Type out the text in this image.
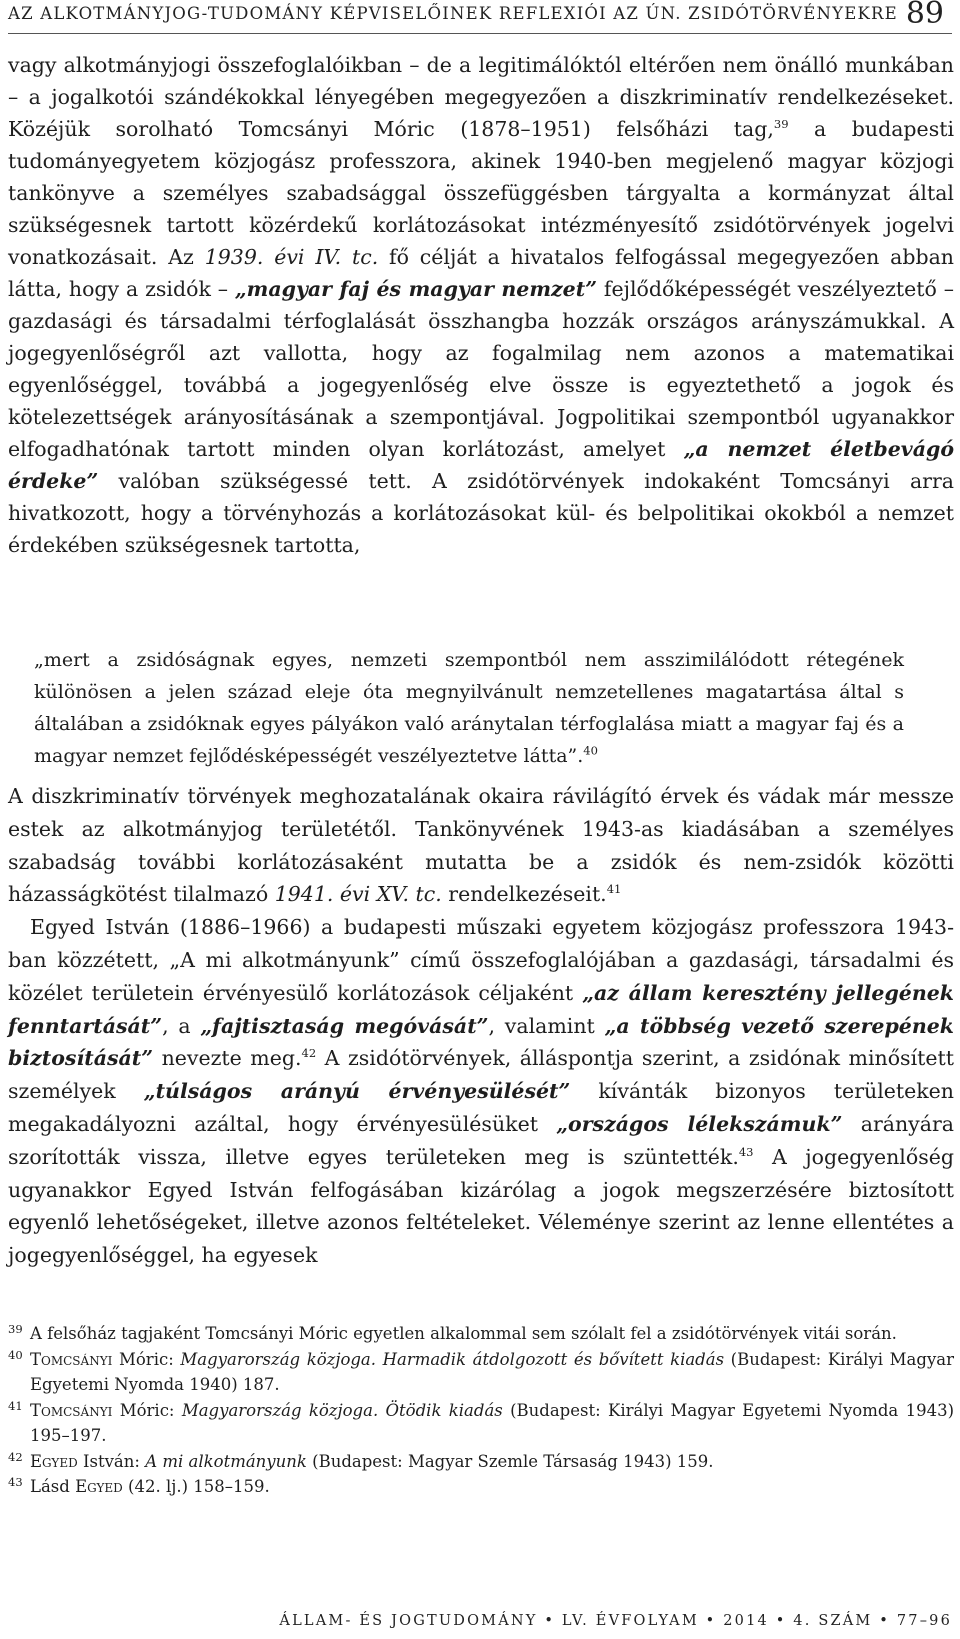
AZ ALKOTMÁNYJOG-TUDOMÁNY KÉPVISELŐINEK REFLEXIÓI AZ ÚN. ZSIDÓTÖRVÉNYEKRE 89

vagy alkotmányjogi összefoglalóikban – de a legitimálóktól eltérően nem önálló munkában – a jogalkotói szándékokkal lényegében megegyezően a diszkriminatív rendelkezéseket. Közéjük sorolható Tomcsányi Móric (1878–1951) felsőházi tag,$^{39}$ a budapesti tudományegyetem közjogász professzora, akinek 1940-ben megjelenő magyar közjogi tankönyve a személyes szabadsággal összefüggésben tárgyalta a kormányzat által szükségesnek tartott közérdekű korlátozásokat intézményesítő zsidótörvények jogelvi vonatkozásait. Az 1939. évi IV. tc. fő célját a hivatalos felfogással megegyezően abban látta, hogy a zsidók – „magyar faj és magyar nemzet” fejlődőképességét veszélyeztető – gazdasági és társadalmi térfoglalását összhangba hozzák országos arányszámukkal. A jogegyenlőségről azt vallotta, hogy az fogalmilag nem azonos a matematikai egyenlőséggel, továbbá a jogegyenlőség elve össze is egyeztethető a jogok és kötelezettségek arányosításának a szempontjával. Jogpolitikai szempontból ugyanakkor elfogadhatónak tartott minden olyan korlátozást, amelyet „a nemzet életbevágó érdeke” valóban szükségessé tett. A zsidótörvények indokaként Tomcsányi arra hivatkozott, hogy a törvényhozás a korlátozásokat kül- és belpolitikai okokból a nemzet érdekében szükségesnek tartotta,

„mert a zsidóságnak egyes, nemzeti szempontból nem asszimilálódott rétegének különösen a jelen század eleje óta megnyilvánult nemzetellenes magatartása által s általában a zsidóknak egyes pályákon való aránytalan térfoglalása miatt a magyar faj és a magyar nemzet fejlődésképességét veszélyeztetve látta”.$^{40}$

A diszkriminatív törvények meghozatalának okaira rávilágító érvek és vádak már messze estek az alkotmányjog területétől. Tankönyvének 1943-as kiadásában a személyes szabadság további korlátozásaként mutatta be a zsidók és nem-zsidók közötti házasságkötést tilalmazó 1941. évi XV. tc. rendelkezéseit.$^{41}$

Egyed István (1886–1966) a budapesti műszaki egyetem közjogász professzora 1943-ban közzétett, „A mi alkotmányunk” című összefoglalójában a gazdasági, társadalmi és közélet területein érvényesülő korlátozások céljaként „az állam keresztény jellegének fenntartását”, a „fajtisztaság megóvását”, valamint „a többség vezető szerepének biztosítását” nevezte meg.$^{42}$ A zsidótörvények, álláspontja szerint, a zsidónak minősített személyek „túlságos arányú érvényesülését” kívánták bizonyos területeken megakadályozni azáltal, hogy érvényesülésüket „országos lélekszámuk” arányára szorították vissza, illetve egyes területeken meg is szüntették.$^{43}$ A jogegyenlőség ugyanakkor Egyed István felfogásában kizárólag a jogok megszerzésére biztosított egyenlő lehetőségeket, illetve azonos feltételeket. Véleménye szerint az lenne ellentétes a jogegyenlőséggel, ha egyesek

39 A felsőház tagjaként Tomcsányi Móric egyetlen alkalommal sem szólalt fel a zsidótörvények vitái során.

40 Tomcsányi Móric: Magyarország közjoga. Harmadik átdolgozott és bővített kiadás (Budapest: Királyi Magyar Egyetemi Nyomda 1940) 187.

41 Tomcsányi Móric: Magyarország közjoga. Ötödik kiadás (Budapest: Királyi Magyar Egyetemi Nyomda 1943) 195–197.

42 Egyed István: A mi alkotmányunk (Budapest: Magyar Szemle Társaság 1943) 159.

43 Lásd Egyed (42. lj.) 158–159.

ÁLLAM- ÉS JOGTUDOMÁNY • LV. ÉVFOLYAM • 2014 • 4. SZÁM • 77–96
